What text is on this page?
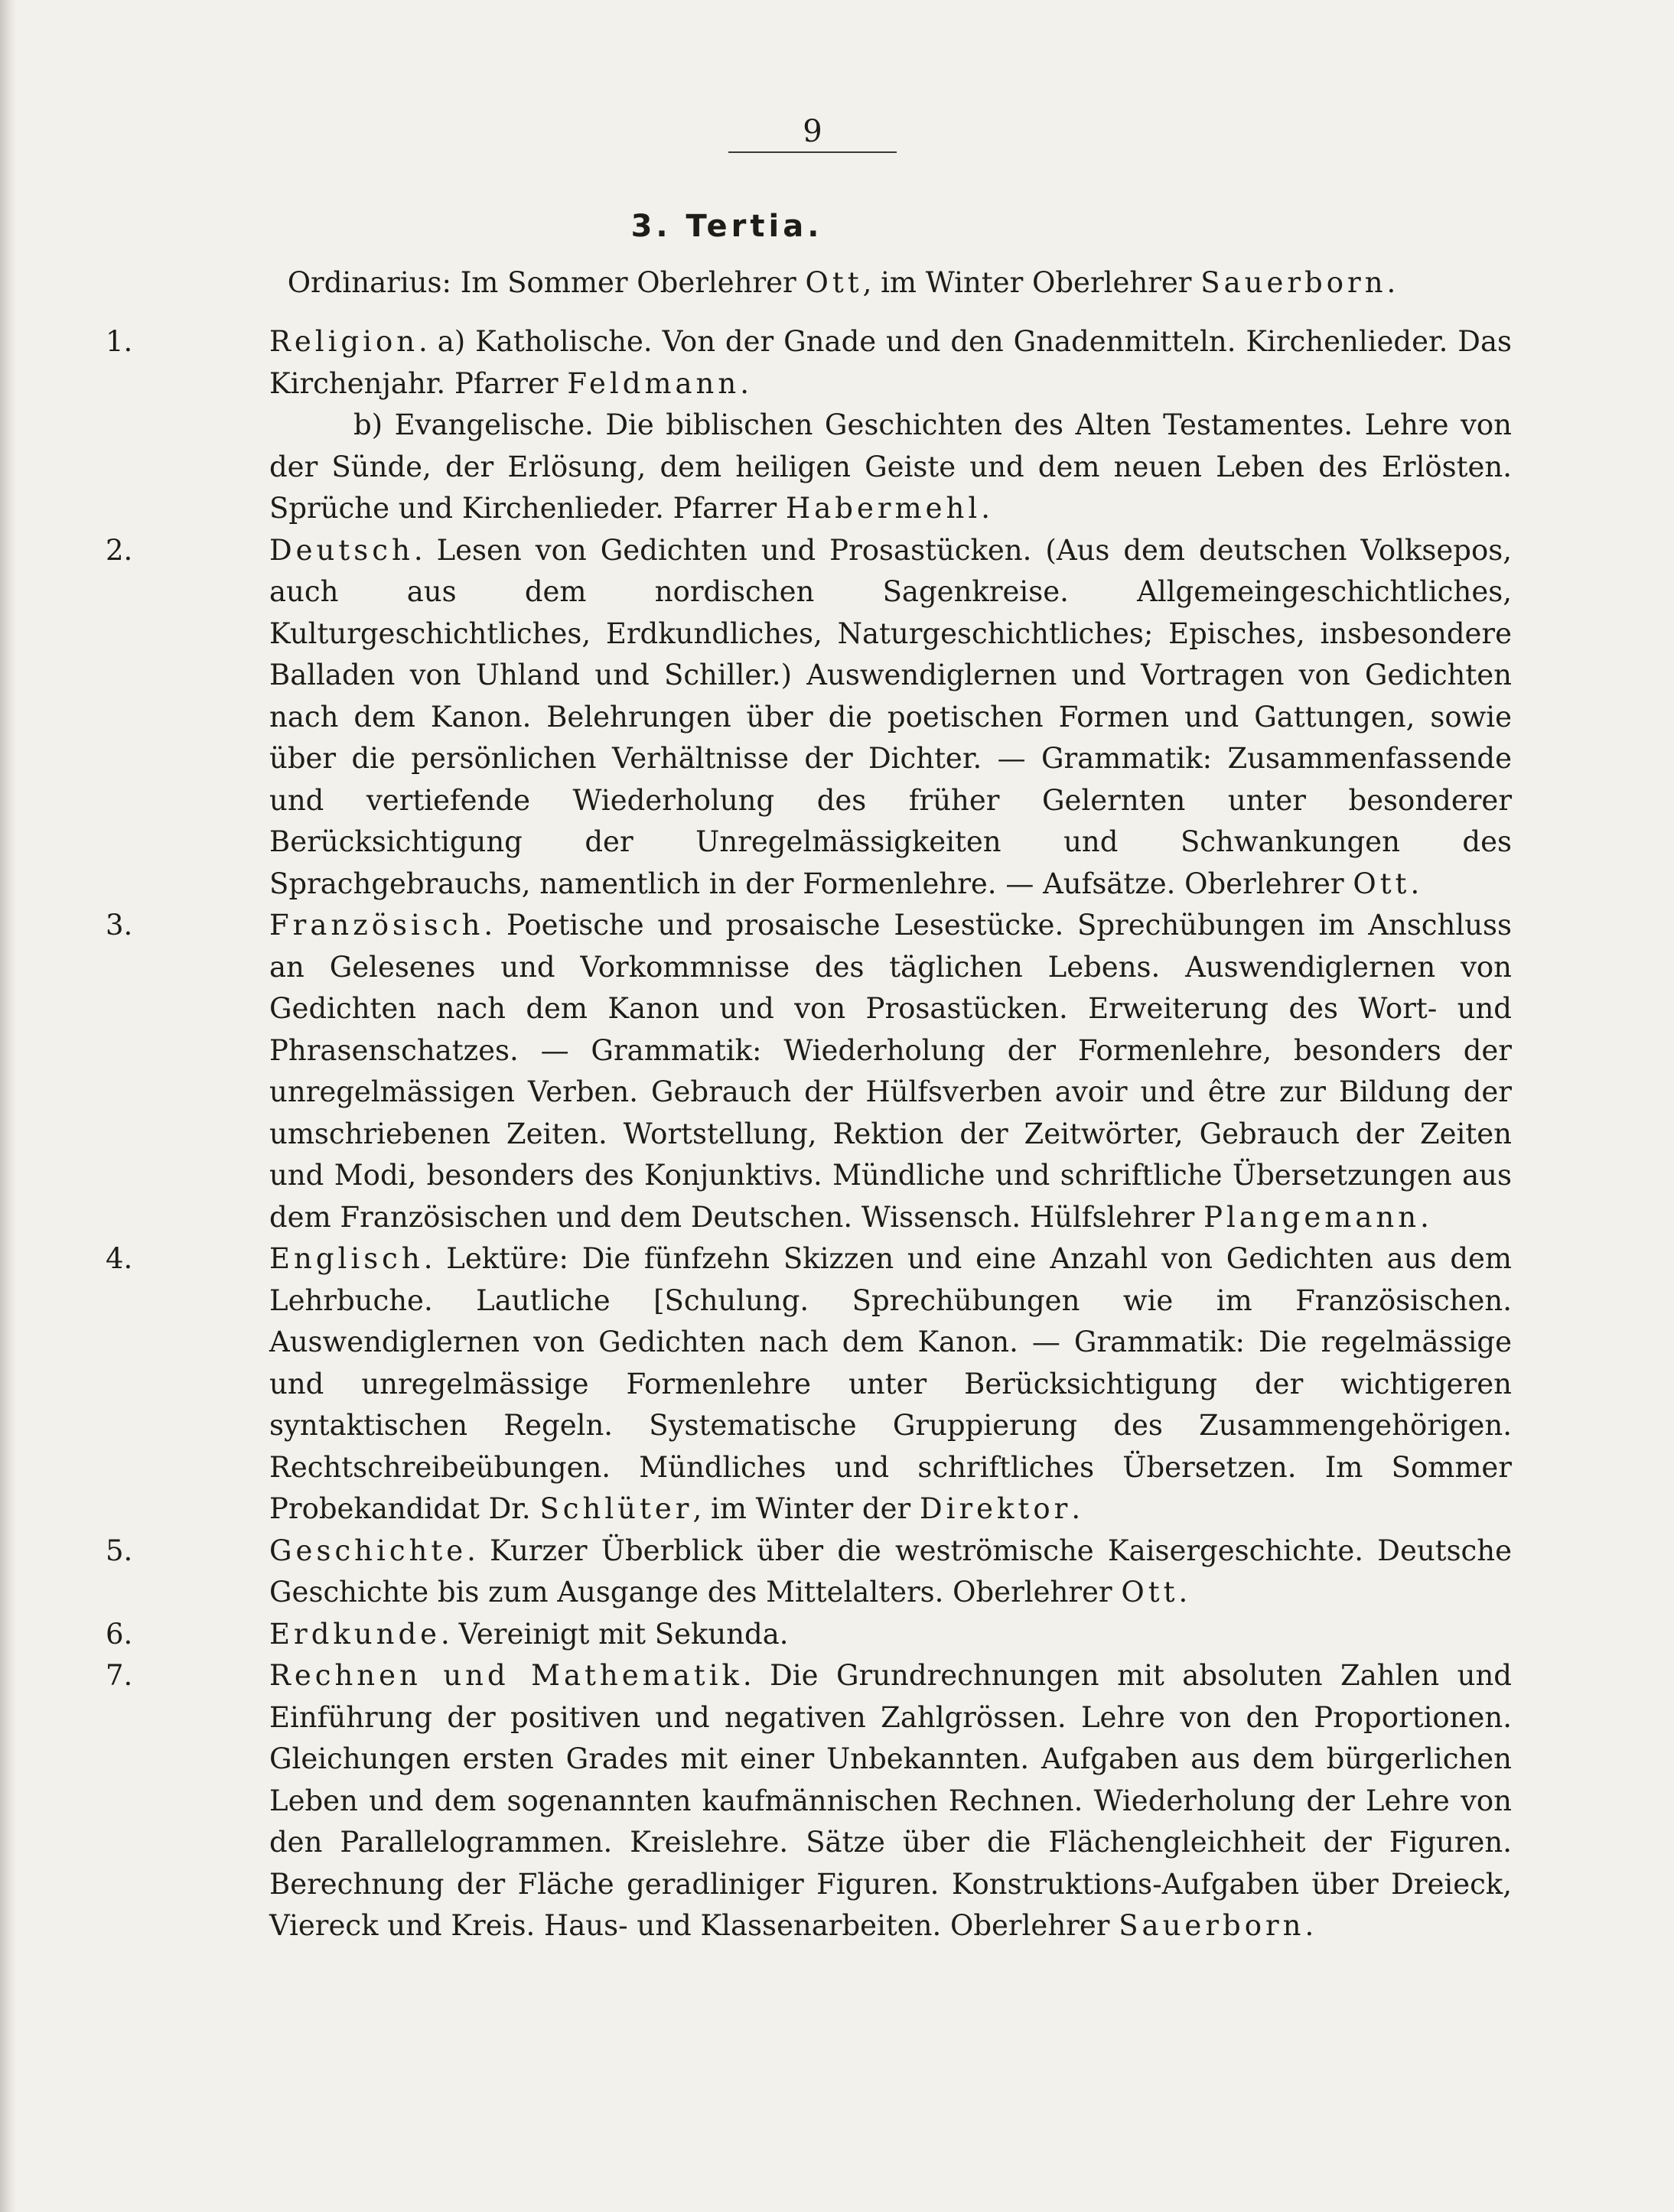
9
3. Tertia.
Ordinarius: Im Sommer Oberlehrer Ott, im Winter Oberlehrer Sauerborn.
1.	Religion. a) Katholische. Von der Gnade und den Gnadenmitteln. Kirchenlieder. Das Kirchenjahr. Pfarrer Feldmann.
b) Evangelische. Die biblischen Geschichten des Alten Testamentes. Lehre von der Sünde, der Erlösung, dem heiligen Geiste und dem neuen Leben des Erlösten. Sprüche und Kirchenlieder. Pfarrer Habermehl.
2.	Deutsch. Lesen von Gedichten und Prosastücken. (Aus dem deutschen Volksepos, auch aus dem nordischen Sagenkreise. Allgemeingeschichtliches, Kulturgeschichtliches, Erdkundliches, Naturgeschichtliches; Episches, insbesondere Balladen von Uhland und Schiller.) Auswendiglernen und Vortragen von Gedichten nach dem Kanon. Belehrungen über die poetischen Formen und Gattungen, sowie über die persönlichen Verhältnisse der Dichter. — Grammatik: Zusammenfassende und vertiefende Wiederholung des früher Gelernten unter besonderer Berücksichtigung der Unregelmässigkeiten und Schwankungen des Sprachgebrauchs, namentlich in der Formenlehre. — Aufsätze. Oberlehrer Ott.
3.	Französisch. Poetische und prosaische Lesestücke. Sprechübungen im Anschluss an Gelesenes und Vorkommnisse des täglichen Lebens. Auswendiglernen von Gedichten nach dem Kanon und von Prosastücken. Erweiterung des Wort- und Phrasenschatzes. — Grammatik: Wiederholung der Formenlehre, besonders der unregelmässigen Verben. Gebrauch der Hülfsverben avoir und être zur Bildung der umschriebenen Zeiten. Wortstellung, Rektion der Zeitwörter, Gebrauch der Zeiten und Modi, besonders des Konjunktivs. Mündliche und schriftliche Übersetzungen aus dem Französischen und dem Deutschen. Wissensch. Hülfslehrer Plangemann.
4.	Englisch. Lektüre: Die fünfzehn Skizzen und eine Anzahl von Gedichten aus dem Lehrbuche. Lautliche [Schulung. Sprechübungen wie im Französischen. Auswendiglernen von Gedichten nach dem Kanon. — Grammatik: Die regelmässige und unregelmässige Formenlehre unter Berücksichtigung der wichtigeren syntaktischen Regeln. Systematische Gruppierung des Zusammengehörigen. Rechtschreibeübungen. Mündliches und schriftliches Übersetzen. Im Sommer Probekandidat Dr. Schlüter, im Winter der Direktor.
5.	Geschichte. Kurzer Überblick über die weströmische Kaisergeschichte. Deutsche Geschichte bis zum Ausgange des Mittelalters. Oberlehrer Ott.
6.	Erdkunde. Vereinigt mit Sekunda.
7.	Rechnen und Mathematik. Die Grundrechnungen mit absoluten Zahlen und Einführung der positiven und negativen Zahlgrössen. Lehre von den Proportionen. Gleichungen ersten Grades mit einer Unbekannten. Aufgaben aus dem bürgerlichen Leben und dem sogenannten kaufmännischen Rechnen. Wiederholung der Lehre von den Parallelogrammen. Kreislehre. Sätze über die Flächengleichheit der Figuren. Berechnung der Fläche geradliniger Figuren. Konstruktions-Aufgaben über Dreieck, Viereck und Kreis. Haus- und Klassenarbeiten. Oberlehrer Sauerborn.
